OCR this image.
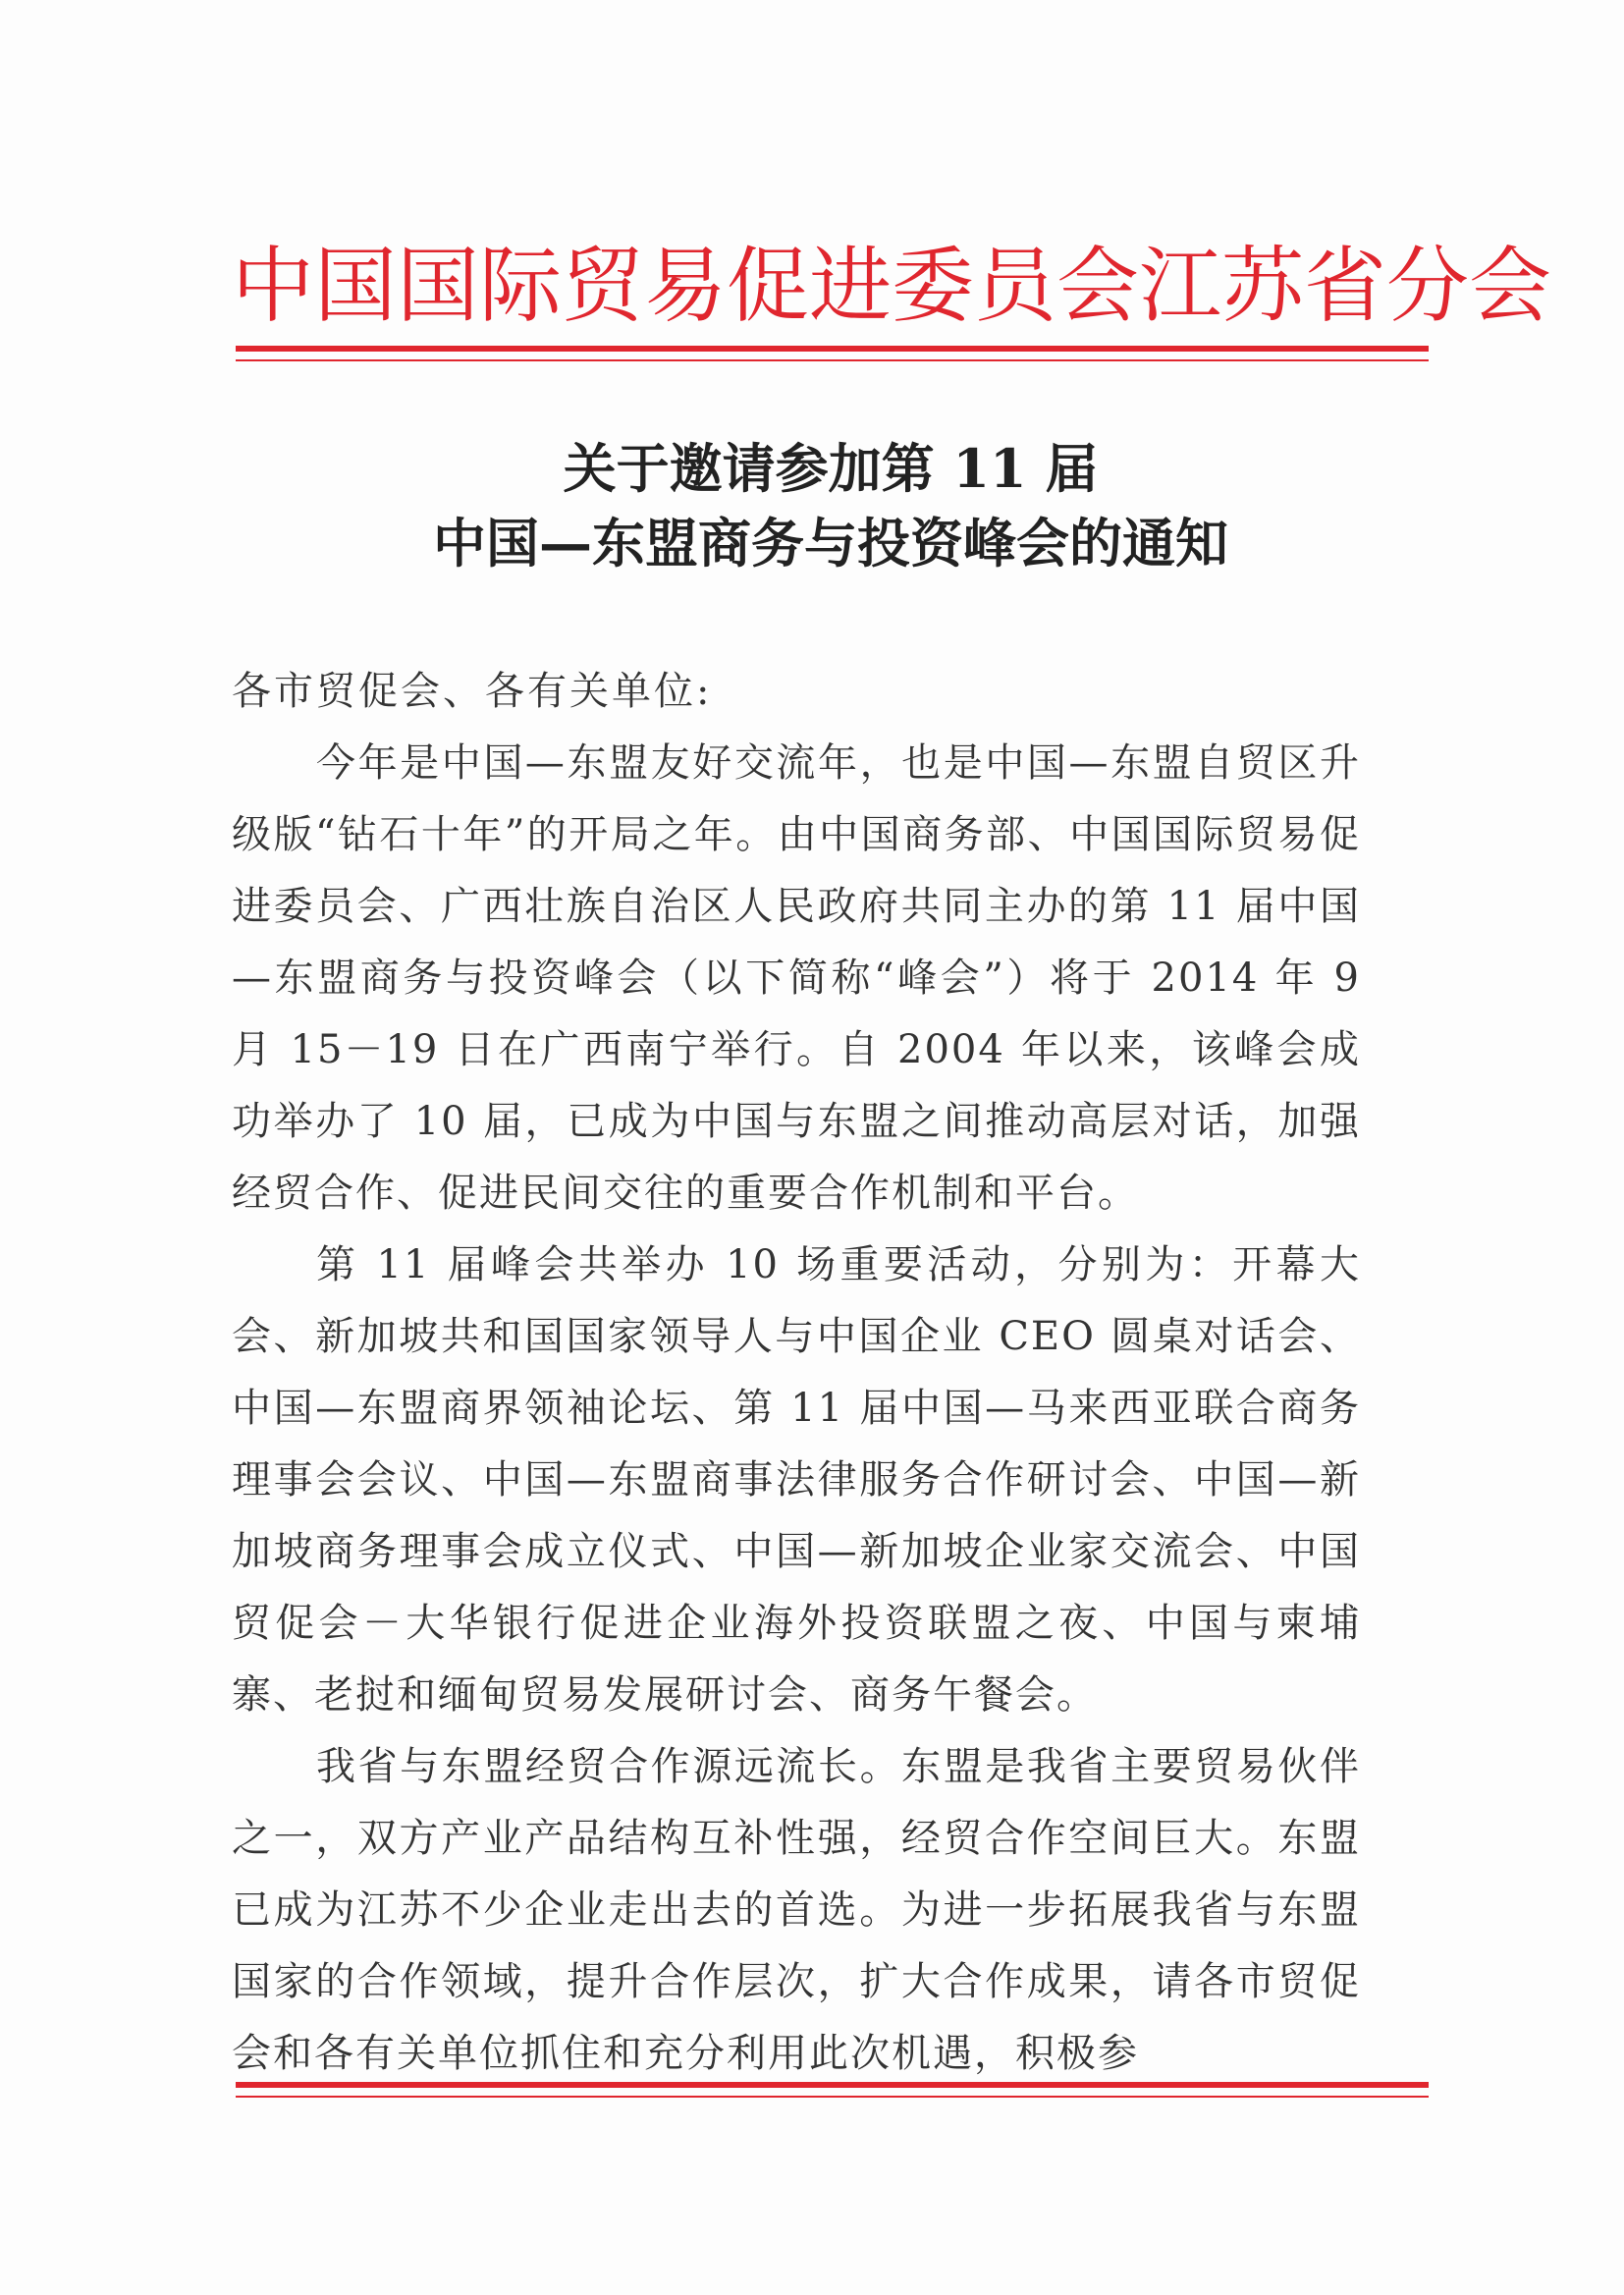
中国国际贸易促进委员会江苏省分会
关于邀请参加第 11 届
中国—东盟商务与投资峰会的通知

各市贸促会、各有关单位:

今年是中国—东盟友好交流年，也是中国—东盟自贸区升级版“钻石十年”的开局之年。由中国商务部、中国国际贸易促进委员会、广西壮族自治区人民政府共同主办的第 11 届中国—东盟商务与投资峰会（以下简称“峰会”）将于 2014 年 9 月 15－19 日在广西南宁举行。自 2004 年以来，该峰会成功举办了 10 届，已成为中国与东盟之间推动高层对话，加强经贸合作、促进民间交往的重要合作机制和平台。

第 11 届峰会共举办 10 场重要活动，分别为：开幕大会、新加坡共和国国家领导人与中国企业 CEO 圆桌对话会、中国—东盟商界领袖论坛、第 11 届中国—马来西亚联合商务理事会会议、中国—东盟商事法律服务合作研讨会、中国—新加坡商务理事会成立仪式、中国—新加坡企业家交流会、中国贸促会－大华银行促进企业海外投资联盟之夜、中国与柬埔寨、老挝和缅甸贸易发展研讨会、商务午餐会。

我省与东盟经贸合作源远流长。东盟是我省主要贸易伙伴之一，双方产业产品结构互补性强，经贸合作空间巨大。东盟已成为江苏不少企业走出去的首选。为进一步拓展我省与东盟国家的合作领域，提升合作层次，扩大合作成果，请各市贸促会和各有关单位抓住和充分利用此次机遇，积极参
